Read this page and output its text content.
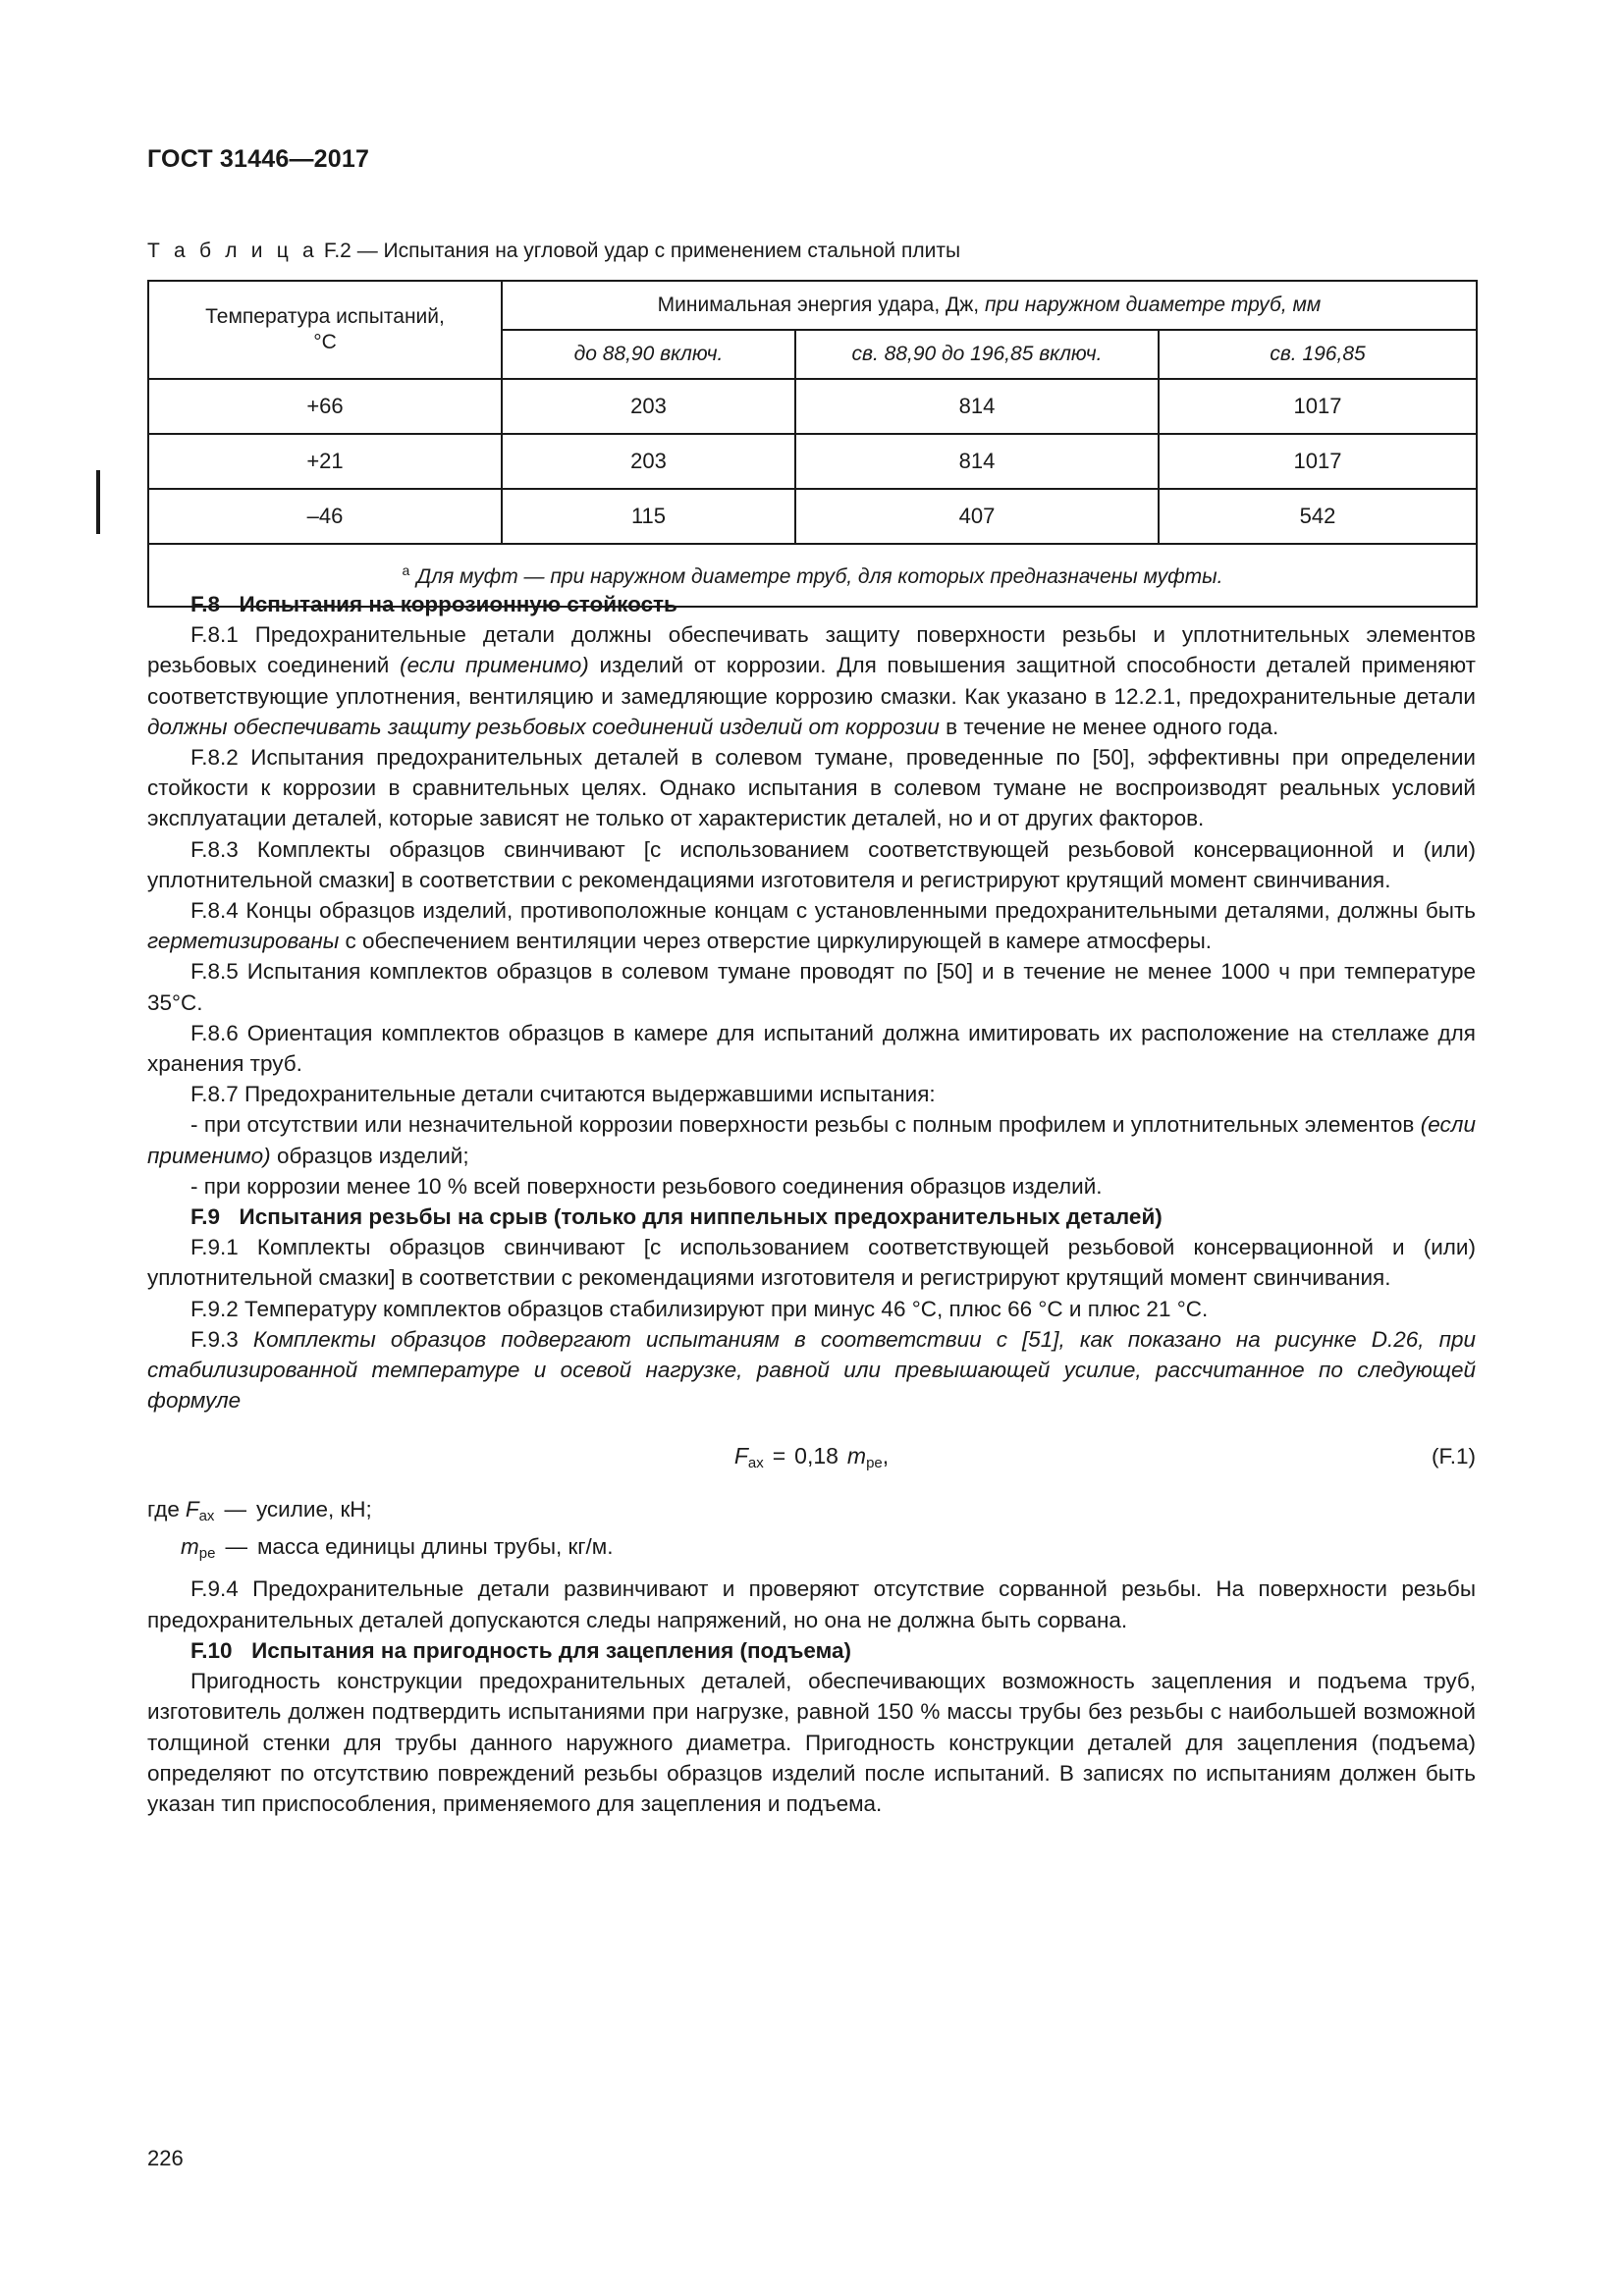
ГОСТ 31446—2017
Т а б л и ц а F.2 — Испытания на угловой удар с применением стальной плиты
Температура испытаний,
°C	Минимальная энергия удара, Дж, при наружном диаметре труб, мм		
	до 88,90 включ.	св. 88,90 до 196,85 включ.	св. 196,85
+66	203	814	1017
+21	203	814	1017
–46	115	407	542
$^a$ Для муфт — при наружном диаметре труб, для которых предназначены муфты.			
F.8 Испытания на коррозионную стойкость

F.8.1 Предохранительные детали должны обеспечивать защиту поверхности резьбы и уплотнительных элементов резьбовых соединений (если применимо) изделий от коррозии. Для повышения защитной способности деталей применяют соответствующие уплотнения, вентиляцию и замедляющие коррозию смазки. Как указано в 12.2.1, предохранительные детали должны обеспечивать защиту резьбовых соединений изделий от коррозии в течение не менее одного года.

F.8.2 Испытания предохранительных деталей в солевом тумане, проведенные по [50], эффективны при определении стойкости к коррозии в сравнительных целях. Однако испытания в солевом тумане не воспроизводят реальных условий эксплуатации деталей, которые зависят не только от характеристик деталей, но и от других факторов.

F.8.3 Комплекты образцов свинчивают [с использованием соответствующей резьбовой консервационной и (или) уплотнительной смазки] в соответствии с рекомендациями изготовителя и регистрируют крутящий момент свинчивания.

F.8.4 Концы образцов изделий, противоположные концам с установленными предохранительными деталями, должны быть герметизированы с обеспечением вентиляции через отверстие циркулирующей в камере атмосферы.

F.8.5 Испытания комплектов образцов в солевом тумане проводят по [50] и в течение не менее 1000 ч при температуре 35°С.

F.8.6 Ориентация комплектов образцов в камере для испытаний должна имитировать их расположение на стеллаже для хранения труб.

F.8.7 Предохранительные детали считаются выдержавшими испытания:

- при отсутствии или незначительной коррозии поверхности резьбы с полным профилем и уплотнительных элементов (если применимо) образцов изделий;

- при коррозии менее 10 % всей поверхности резьбового соединения образцов изделий.

F.9 Испытания резьбы на срыв (только для ниппельных предохранительных деталей)

F.9.1 Комплекты образцов свинчивают [с использованием соответствующей резьбовой консервационной и (или) уплотнительной смазки] в соответствии с рекомендациями изготовителя и регистрируют крутящий момент свинчивания.

F.9.2 Температуру комплектов образцов стабилизируют при минус 46 °С, плюс 66 °С и плюс 21 °С.

F.9.3 Комплекты образцов подвергают испытаниям в соответствии с [51], как показано на рисунке D.26, при стабилизированной температуре и осевой нагрузке, равной или превышающей усилие, рассчитанное по следующей формуле

$F_{ax} = 0,18$ $m_{pe}$,	(F.1)
где $F_{ax}$ — усилие, кН;
$m_{pe}$ — масса единицы длины трубы, кг/м.

F.9.4 Предохранительные детали развинчивают и проверяют отсутствие сорванной резьбы. На поверхности резьбы предохранительных деталей допускаются следы напряжений, но она не должна быть сорвана.

F.10 Испытания на пригодность для зацепления (подъема)

Пригодность конструкции предохранительных деталей, обеспечивающих возможность зацепления и подъема труб, изготовитель должен подтвердить испытаниями при нагрузке, равной 150 % массы трубы без резьбы с наибольшей возможной толщиной стенки для трубы данного наружного диаметра. Пригодность конструкции деталей для зацепления (подъема) определяют по отсутствию повреждений резьбы образцов изделий после испытаний. В записях по испытаниям должен быть указан тип приспособления, применяемого для зацепления и подъема.

226
